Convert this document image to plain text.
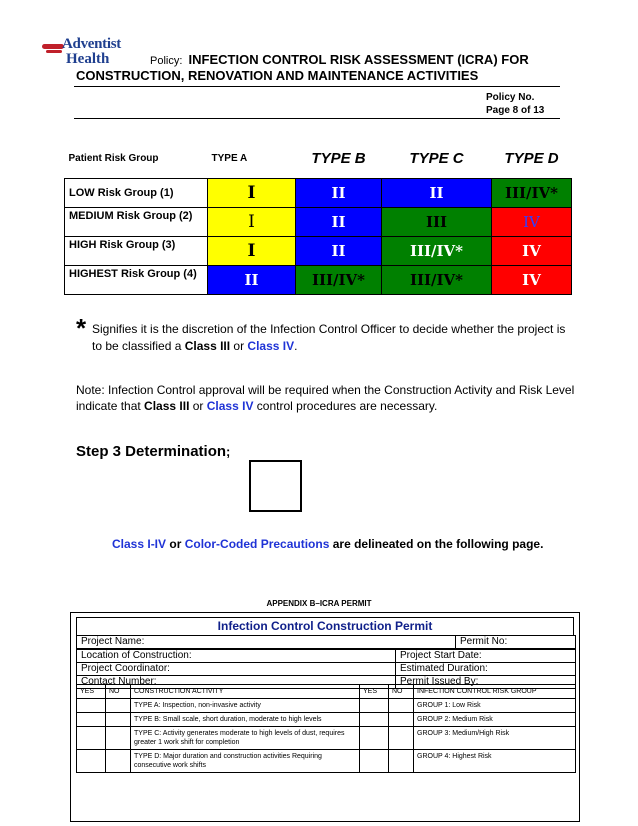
Adventist
Health	Policy: INFECTION CONTROL RISK ASSESSMENT (ICRA) FOR
CONSTRUCTION, RENOVATION AND MAINTENANCE ACTIVITIES
Policy No.
Page 8 of 13
Patient Risk Group	TYPE A	TYPE B	TYPE C	TYPE D
LOW Risk Group (1)	I	II	II	III/IV*
MEDIUM Risk Group (2)	I	II	III	IV
HIGH Risk Group (3)	I	II	III/IV*	IV
HIGHEST Risk Group (4)	II	III/IV*	III/IV*	IV
* Signifies it is the discretion of the Infection Control Officer to decide whether the project is to be classified a Class III or Class IV.
Note: Infection Control approval will be required when the Construction Activity and Risk Level indicate that Class III or Class IV control procedures are necessary.
Step 3 Determination;
Class I-IV or Color-Coded Precautions are delineated on the following page.
APPENDIX B–ICRA PERMIT
Infection Control Construction Permit
Project Name:	Permit No:
Location of Construction:	Project Start Date:
Project Coordinator:	Estimated Duration:
Contact Number:	Permit Issued By:
YES	NO	CONSTRUCTION ACTIVITY	YES	NO	INFECTION CONTROL RISK GROUP
		TYPE A: Inspection, non-invasive activity			GROUP 1: Low Risk
		TYPE B: Small scale, short duration, moderate to high levels			GROUP 2: Medium Risk
		TYPE C: Activity generates moderate to high levels of dust, requires greater 1 work shift for completion			GROUP 3: Medium/High Risk
		TYPE D: Major duration and construction activities Requiring consecutive work shifts			GROUP 4: Highest Risk
